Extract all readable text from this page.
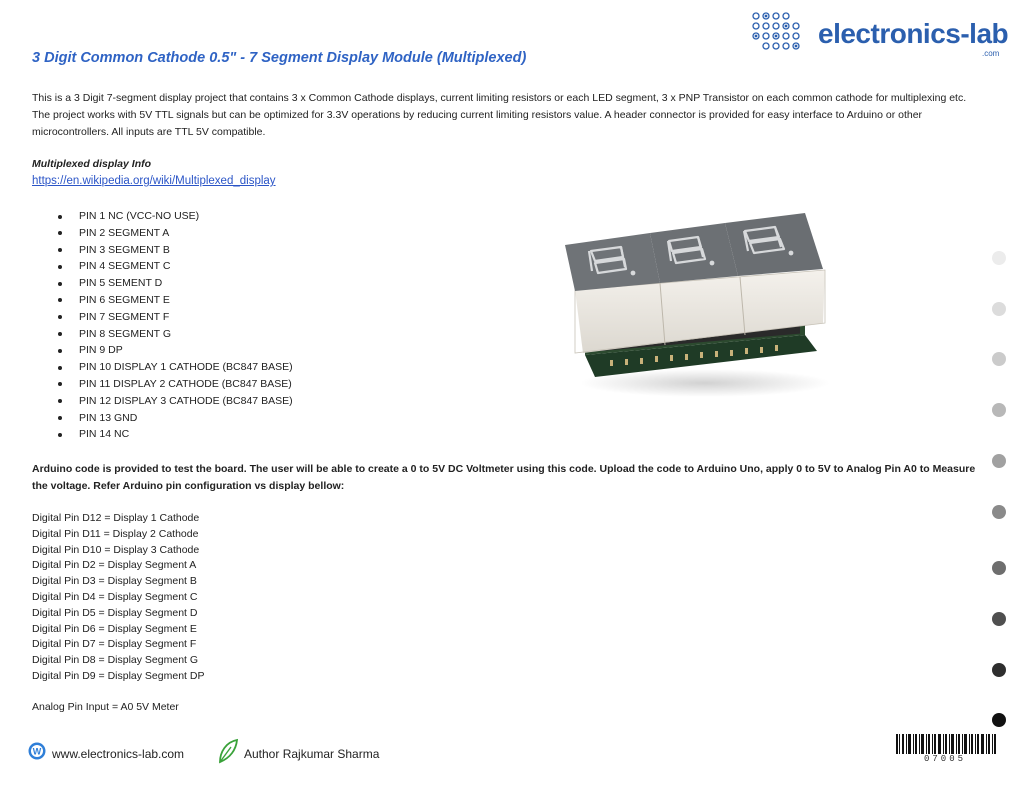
electronics-lab
.com
3 Digit Common Cathode 0.5" - 7 Segment Display Module (Multiplexed)
This is a 3 Digit 7-segment display project that contains 3 x Common Cathode displays, current limiting resistors or each LED segment, 3 x PNP Transistor on each common cathode for multiplexing etc. The project works with 5V TTL signals but can be optimized for 3.3V operations by reducing current limiting resistors value. A header connector is provided for easy interface to Arduino or other microcontrollers. All inputs are TTL 5V compatible.
Multiplexed display Info
https://en.wikipedia.org/wiki/Multiplexed_display
PIN 1 NC (VCC-NO USE)
PIN 2 SEGMENT A
PIN 3 SEGMENT B
PIN 4 SEGMENT C
PIN 5 SEMENT D
PIN 6 SEGMENT E
PIN 7 SEGMENT F
PIN 8 SEGMENT G
PIN 9 DP
PIN 10 DISPLAY 1 CATHODE (BC847 BASE)
PIN 11 DISPLAY 2 CATHODE (BC847 BASE)
PIN 12 DISPLAY 3 CATHODE (BC847 BASE)
PIN 13 GND
PIN 14 NC
Arduino code is provided to test the board. The user will be able to create a 0 to 5V DC Voltmeter using this code. Upload the code to Arduino Uno, apply 0 to 5V to Analog Pin A0 to Measure the voltage. Refer Arduino pin configuration vs display bellow:
Digital Pin D12 = Display 1 Cathode
Digital Pin D11 = Display 2 Cathode
Digital Pin D10 = Display 3 Cathode
Digital Pin D2 = Display Segment A
Digital Pin D3 = Display Segment B
Digital Pin D4 = Display Segment C
Digital Pin D5 = Display Segment D
Digital Pin D6 = Display Segment E
Digital Pin D7 = Display Segment F
Digital Pin D8 = Display Segment G
Digital Pin D9 = Display Segment DP
Analog Pin Input = A0 5V Meter
W www.electronics-lab.com	Author Rajkumar Sharma	07005
